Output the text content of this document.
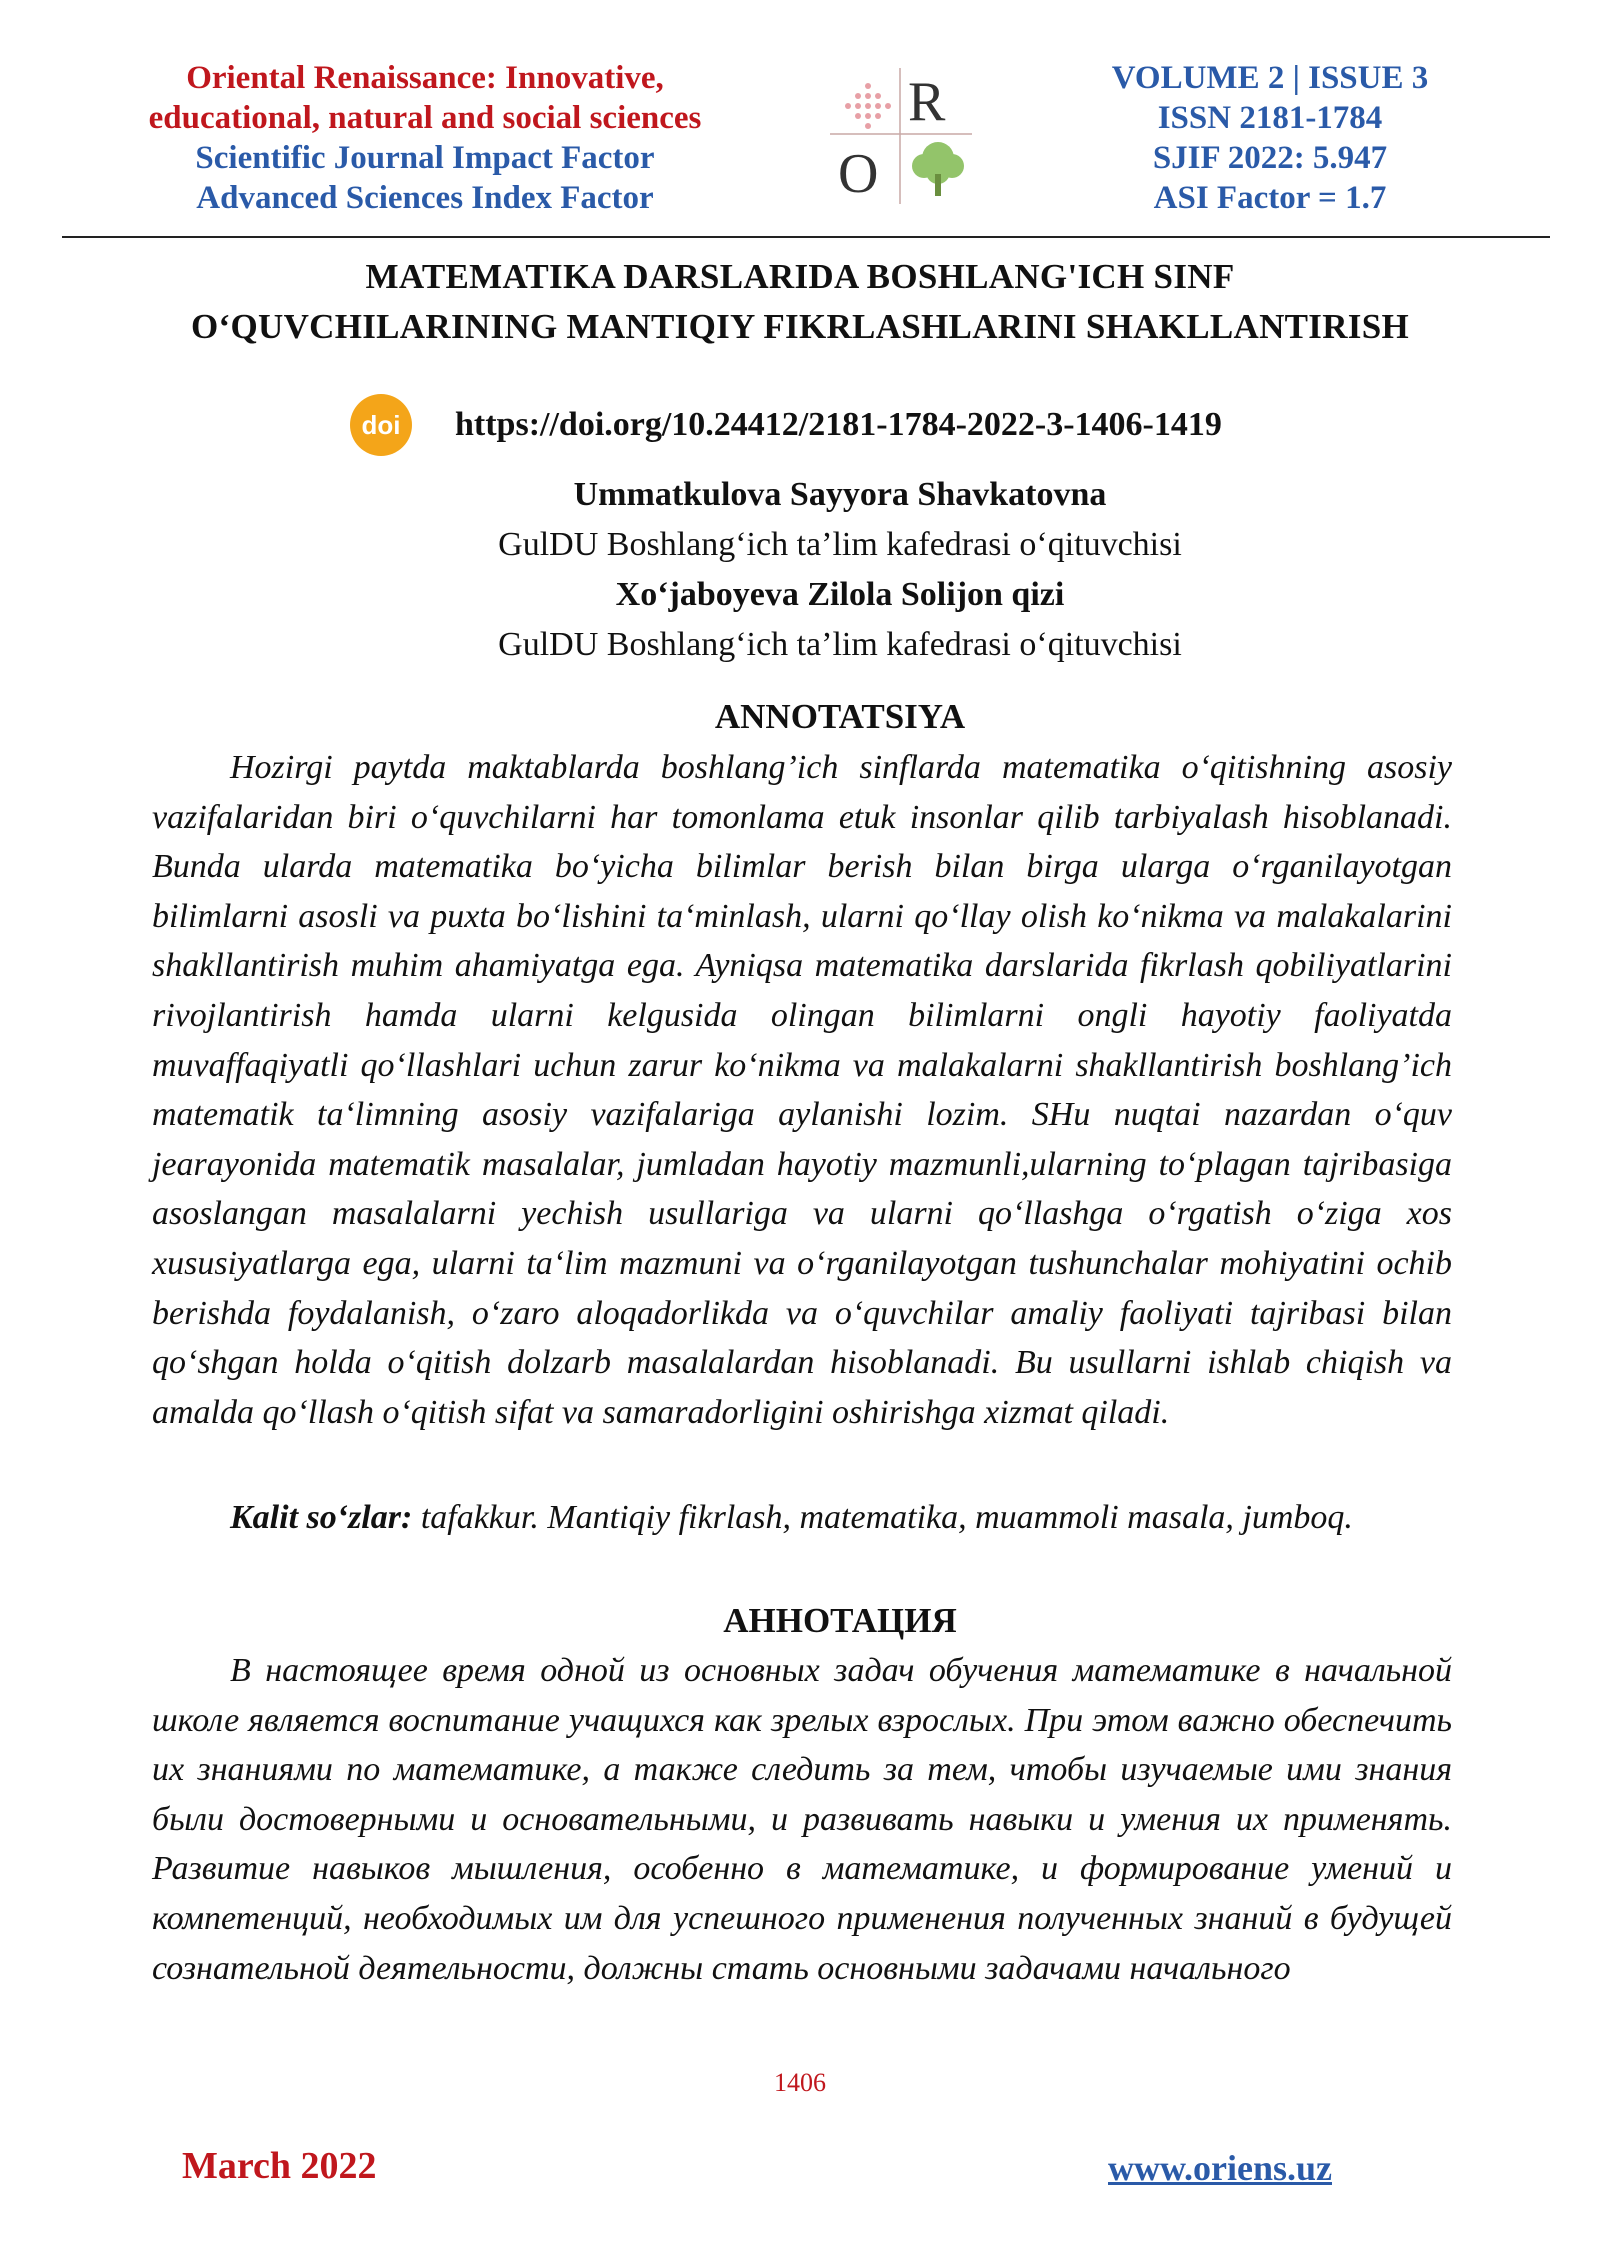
Oriental Renaissance: Innovative,
educational, natural and social sciences
Scientific Journal Impact Factor
Advanced Sciences Index Factor
R
O
VOLUME 2 | ISSUE 3
ISSN 2181-1784
SJIF 2022: 5.947
ASI Factor = 1.7
MATEMATIKA DARSLARIDA BOSHLANG'ICH SINF
O‘QUVCHILARINING MANTIQIY FIKRLASHLARINI SHAKLLANTIRISH
doi	https://doi.org/10.24412/2181-1784-2022-3-1406-1419
Ummatkulova Sayyora Shavkatovna
GulDU Boshlang‘ich ta’lim kafedrasi o‘qituvchisi
Xo‘jaboyeva Zilola Solijon qizi
GulDU Boshlang‘ich ta’lim kafedrasi o‘qituvchisi
ANNOTATSIYA
Hozirgi paytda maktablarda boshlang’ich sinflarda matematika o‘qitishning asosiy vazifalaridan biri o‘quvchilarni har tomonlama etuk insonlar qilib tarbiyalash hisoblanadi. Bunda ularda matematika bo‘yicha bilimlar berish bilan birga ularga o‘rganilayotgan bilimlarni asosli va puxta bo‘lishini ta‘minlash, ularni qo‘llay olish ko‘nikma va malakalarini shakllantirish muhim ahamiyatga ega. Ayniqsa matematika darslarida fikrlash qobiliyatlarini rivojlantirish hamda ularni kelgusida olingan bilimlarni ongli hayotiy faoliyatda muvaffaqiyatli qo‘llashlari uchun zarur ko‘nikma va malakalarni shakllantirish boshlang’ich matematik ta‘limning asosiy vazifalariga aylanishi lozim. SHu nuqtai nazardan o‘quv jearayonida matematik masalalar, jumladan hayotiy mazmunli,ularning to‘plagan tajribasiga asoslangan masalalarni yechish usullariga va ularni qo‘llashga o‘rgatish o‘ziga xos xususiyatlarga ega, ularni ta‘lim mazmuni va o‘rganilayotgan tushunchalar mohiyatini ochib berishda foydalanish, o‘zaro aloqadorlikda va o‘quvchilar amaliy faoliyati tajribasi bilan qo‘shgan holda o‘qitish dolzarb masalalardan hisoblanadi. Bu usullarni ishlab chiqish va amalda qo‘llash o‘qitish sifat va samaradorligini oshirishga xizmat qiladi.
Kalit so‘zlar: tafakkur. Mantiqiy fikrlash, matematika, muammoli masala, jumboq.
АННОТАЦИЯ
В настоящее время одной из основных задач обучения математике в начальной школе является воспитание учащихся как зрелых взрослых. При этом важно обеспечить их знаниями по математике, а также следить за тем, чтобы изучаемые ими знания были достоверными и основательными, и развивать навыки и умения их применять. Развитие навыков мышления, особенно в математике, и формирование умений и компетенций, необходимых им для успешного применения полученных знаний в будущей сознательной деятельности, должны стать основными задачами начального
1406
March 2022	www.oriens.uz
